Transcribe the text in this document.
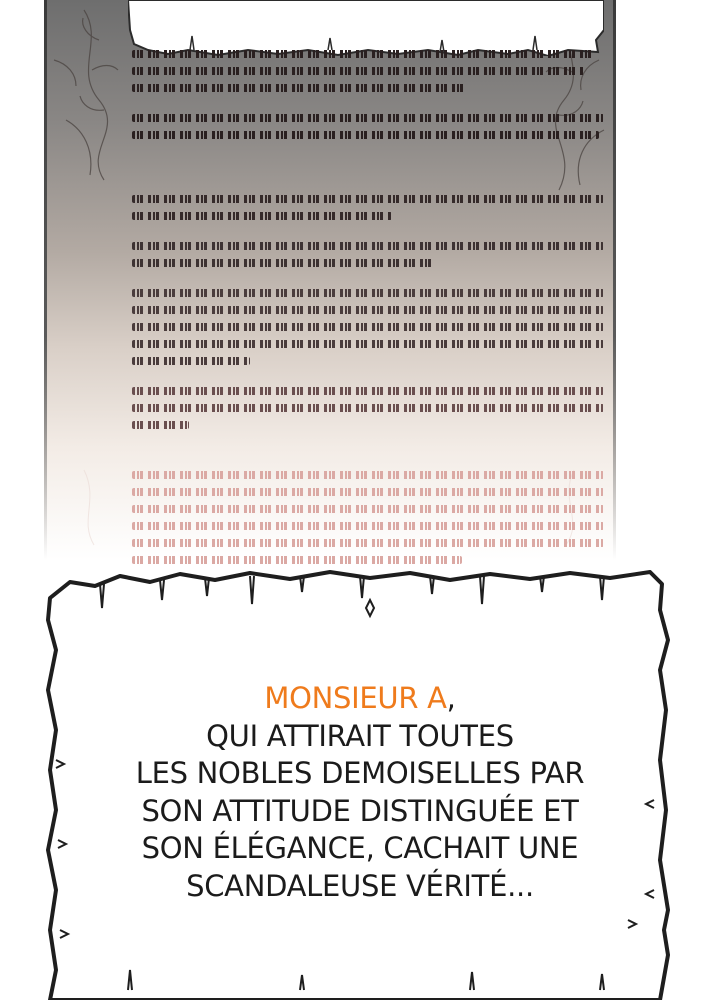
MONSIEUR A,
QUI ATTIRAIT TOUTES
LES NOBLES DEMOISELLES PAR
SON ATTITUDE DISTINGUÉE ET
SON ÉLÉGANCE, CACHAIT UNE
SCANDALEUSE VÉRITÉ...
